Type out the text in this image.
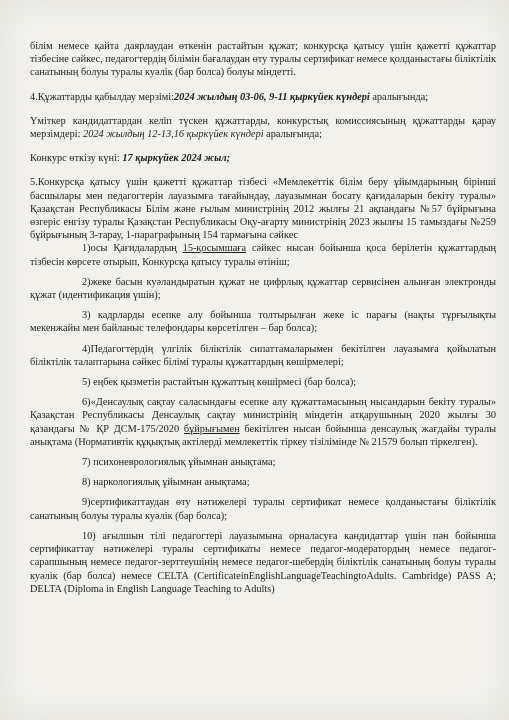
білім немесе қайта даярлаудан өткенін растайтын құжат; конкурсқа қатысу үшін қажетті құжаттар тізбесіне сәйкес, педагогтердің білімін бағалаудан өту туралы сертификат немесе қолданыстағы біліктілік санатының болуы туралы куәлік (бар болса) болуы міндетті.

4.Құжаттарды қабылдау мерзімі:2024 жылдың 03-06, 9-11 қыркүйек күндері аралығында;

Үміткер кандидаттардан келіп түскен құжаттарды, конкурстық комиссиясының құжаттарды қарау мерзімдері: 2024 жылдың 12-13,16 қыркүйек күндері аралығында;

Конкурс өткізу күні: 17 қыркүйек 2024 жыл;

5.Конкурсқа қатысу үшін қажетті құжаттар тізбесі «Мемлекеттік білім беру ұйымдарының бірінші басшылары мен педагогтерін лауазымға тағайындау, лауазымнан босату қағидаларын бекіту туралы» Қазақстан Республикасы Білім және ғылым министрінің 2012 жылғы 21 ақпандағы №57 бұйрығына өзгеріс енгізу туралы Қазақстан Республикасы Оқу-ағарту министрінің 2023 жылғы 15 тамыздағы №259 бұйрығының 3-тарау, 1-параграфының 154 тармағына сәйкес

1)осы Қағидалардың 15-қосымшаға сәйкес нысан бойынша қоса берілетін құжаттардың тізбесін көрсете отырып, Конкурсқа қатысу туралы өтініш;

2)жеке басын куәландыратын құжат не цифрлық құжаттар сервисінен алынған электронды құжат (идентификация үшін);

3) кадрларды есепке алу бойынша толтырылған жеке іс парағы (нақты тұрғылықты мекенжайы мен байланыс телефондары көрсетілген – бар болса);

4)Педагогтердің үлгілік біліктілік сипаттамаларымен бекітілген лауазымға қойылатын біліктілік талаптарына сәйкес білімі туралы құжаттардың көшірмелері;

5) еңбек қызметін растайтын құжаттың көшірмесі (бар болса);

6)«Денсаулық сақтау саласындағы есепке алу құжаттамасының нысандарын бекіту туралы» Қазақстан Республикасы Денсаулық сақтау министрінің міндетін атқарушының 2020 жылғы 30 қазандағы № ҚР ДСМ-175/2020 бұйрығымен бекітілген нысан бойынша денсаулық жағдайы туралы анықтама (Нормативтік құқықтық актілерді мемлекеттік тіркеу тізілімінде № 21579 болып тіркелген).

7) психоневрологиялық ұйымнан анықтама;

8) наркологиялық ұйымнан анықтама;

9)сертификаттаудан өту нәтижелері туралы сертификат немесе қолданыстағы біліктілік санатының болуы туралы куәлік (бар болса);

10) ағылшын тілі педагогтері лауазымына орналасуға кандидаттар үшін пән бойынша сертификаттау нәтижелері туралы сертификаты немесе педагог-модератордың немесе педагог-сарапшының немесе педагог-зерттеушінің немесе педагог-шебердің біліктілік санатының болуы туралы куәлік (бар болса) немесе CELTA (CertificateinEnglishLanguageTeachingtoAdults. Cambridge) PASS A; DELTA (Diploma in English Language Teaching to Adults)
